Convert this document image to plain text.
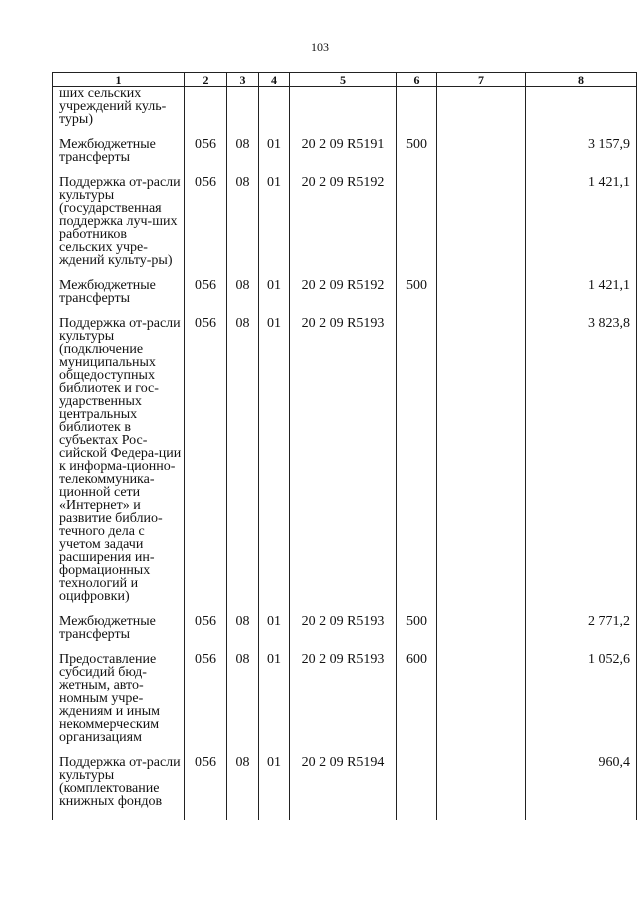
103
1	2	3	4	5	6	7	8
ших сельских учреждений куль-туры)							
Межбюджетные трансферты	056	08	01	20 2 09 R5191	500		3 157,9
Поддержка от-расли культуры (государственная поддержка луч-ших работников сельских учре-ждений культу-ры)	056	08	01	20 2 09 R5192			1 421,1
Межбюджетные трансферты	056	08	01	20 2 09 R5192	500		1 421,1
Поддержка от-расли культуры (подключение муниципальных общедоступных библиотек и гос-ударственных центральных библиотек в субъектах Рос-сийской Федера-ции к информа-ционно-телекоммуника-ционной сети «Интернет» и развитие библио-течного дела с учетом задачи расширения ин-формационных технологий и оцифровки)	056	08	01	20 2 09 R5193			3 823,8
Межбюджетные трансферты	056	08	01	20 2 09 R5193	500		2 771,2
Предоставление субсидий бюд-жетным, авто-номным учре-ждениям и иным некоммерческим организациям	056	08	01	20 2 09 R5193	600		1 052,6
Поддержка от-расли культуры (комплектование книжных фондов	056	08	01	20 2 09 R5194			960,4
